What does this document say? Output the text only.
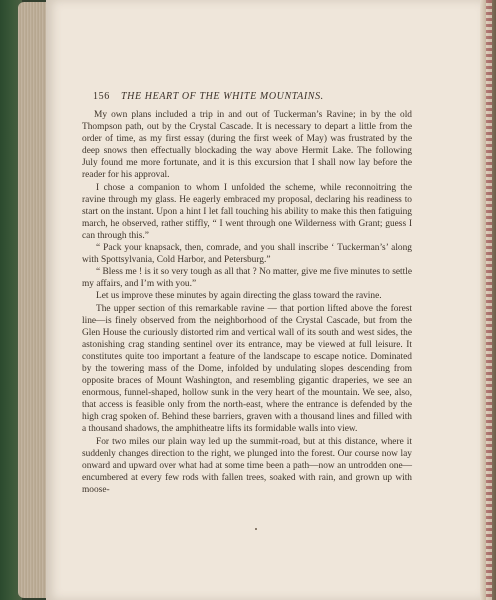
156 THE HEART OF THE WHITE MOUNTAINS.

My own plans included a trip in and out of Tuckerman’s Ravine; in by the old Thompson path, out by the Crystal Cascade. It is necessary to depart a little from the order of time, as my first essay (during the first week of May) was frustrated by the deep snows then effectually blockading the way above Hermit Lake. The following July found me more fortunate, and it is this excursion that I shall now lay before the reader for his approval.

I chose a companion to whom I unfolded the scheme, while reconnoitring the ravine through my glass. He eagerly embraced my proposal, declaring his readiness to start on the instant. Upon a hint I let fall touching his ability to make this then fatiguing march, he observed, rather stiffly, “ I went through one Wilderness with Grant; guess I can through this.”

“ Pack your knapsack, then, comrade, and you shall inscribe ‘ Tuckerman’s’ along with Spottsylvania, Cold Harbor, and Petersburg.”

“ Bless me ! is it so very tough as all that ? No matter, give me five minutes to settle my affairs, and I’m with you.”

Let us improve these minutes by again directing the glass toward the ravine.

The upper section of this remarkable ravine — that portion lifted above the forest line—is finely observed from the neighborhood of the Crystal Cascade, but from the Glen House the curiously distorted rim and vertical wall of its south and west sides, the astonishing crag standing sentinel over its entrance, may be viewed at full leisure. It constitutes quite too important a feature of the landscape to escape notice. Dominated by the towering mass of the Dome, infolded by undulating slopes descending from opposite braces of Mount Washington, and resembling gigantic draperies, we see an enormous, funnel-shaped, hollow sunk in the very heart of the mountain. We see, also, that access is feasible only from the north-east, where the entrance is defended by the high crag spoken of. Behind these barriers, graven with a thousand lines and filled with a thousand shadows, the amphitheatre lifts its formidable walls into view.

For two miles our plain way led up the summit-road, but at this distance, where it suddenly changes direction to the right, we plunged into the forest. Our course now lay onward and upward over what had at some time been a path—now an untrodden one—encumbered at every few rods with fallen trees, soaked with rain, and grown up with moose-
